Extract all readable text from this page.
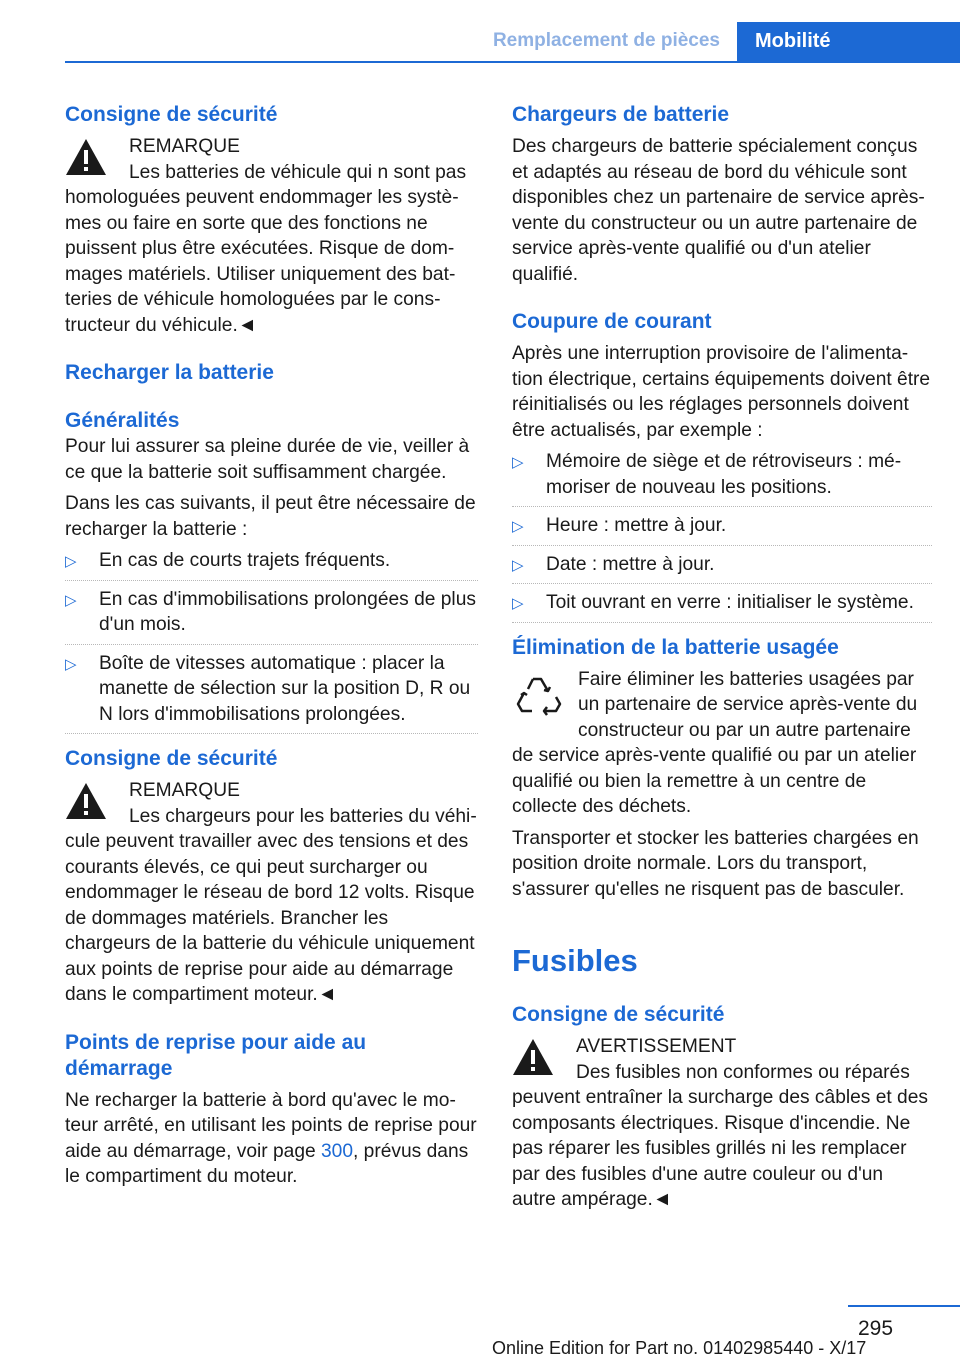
Remplacement de pièces Mobilité
Consigne de sécurité

REMARQUE

Les batteries de véhicule qui n sont pas homologuées peuvent endommager les systèmes ou faire en sorte que des fonctions ne puissent plus être exécutées. Risque de dommages matériels. Utiliser uniquement des batteries de véhicule homologuées par le constructeur du véhicule.◄

Recharger la batterie
Généralités

Pour lui assurer sa pleine durée de vie, veiller à ce que la batterie soit suffisamment chargée.

Dans les cas suivants, il peut être nécessaire de recharger la batterie :

▷ En cas de courts trajets fréquents.
▷ En cas d'immobilisations prolongées de plus d'un mois.
▷ Boîte de vitesses automatique : placer la manette de sélection sur la position D, R ou N lors d'immobilisations prolongées.
Consigne de sécurité

REMARQUE

Les chargeurs pour les batteries du véhicule peuvent travailler avec des tensions et des courants élevés, ce qui peut surcharger ou endommager le réseau de bord 12 volts. Risque de dommages matériels. Brancher les chargeurs de la batterie du véhicule uniquement aux points de reprise pour aide au démarrage dans le compartiment moteur.◄

Points de reprise pour aide au démarrage

Ne recharger la batterie à bord qu'avec le moteur arrêté, en utilisant les points de reprise pour aide au démarrage, voir page 300, prévus dans le compartiment du moteur.

Chargeurs de batterie

Des chargeurs de batterie spécialement conçus et adaptés au réseau de bord du véhicule sont disponibles chez un partenaire de service après-vente du constructeur ou un autre partenaire de service après-vente qualifié ou d'un atelier qualifié.

Coupure de courant

Après une interruption provisoire de l'alimentation électrique, certains équipements doivent être réinitialisés ou les réglages personnels doivent être actualisés, par exemple :

▷ Mémoire de siège et de rétroviseurs : mémoriser de nouveau les positions.
▷ Heure : mettre à jour.
▷ Date : mettre à jour.
▷ Toit ouvrant en verre : initialiser le système.
Élimination de la batterie usagée

Faire éliminer les batteries usagées par un partenaire de service après-vente du constructeur ou par un autre partenaire de service après-vente qualifié ou par un atelier qualifié ou bien la remettre à un centre de collecte des déchets.

Transporter et stocker les batteries chargées en position droite normale. Lors du transport, s'assurer qu'elles ne risquent pas de basculer.

Fusibles
Consigne de sécurité

AVERTISSEMENT

Des fusibles non conformes ou réparés peuvent entraîner la surcharge des câbles et des composants électriques. Risque d'incendie. Ne pas réparer les fusibles grillés ni les remplacer par des fusibles d'une autre couleur ou d'un autre ampérage.◄

295
Online Edition for Part no. 01402985440 - X/17
